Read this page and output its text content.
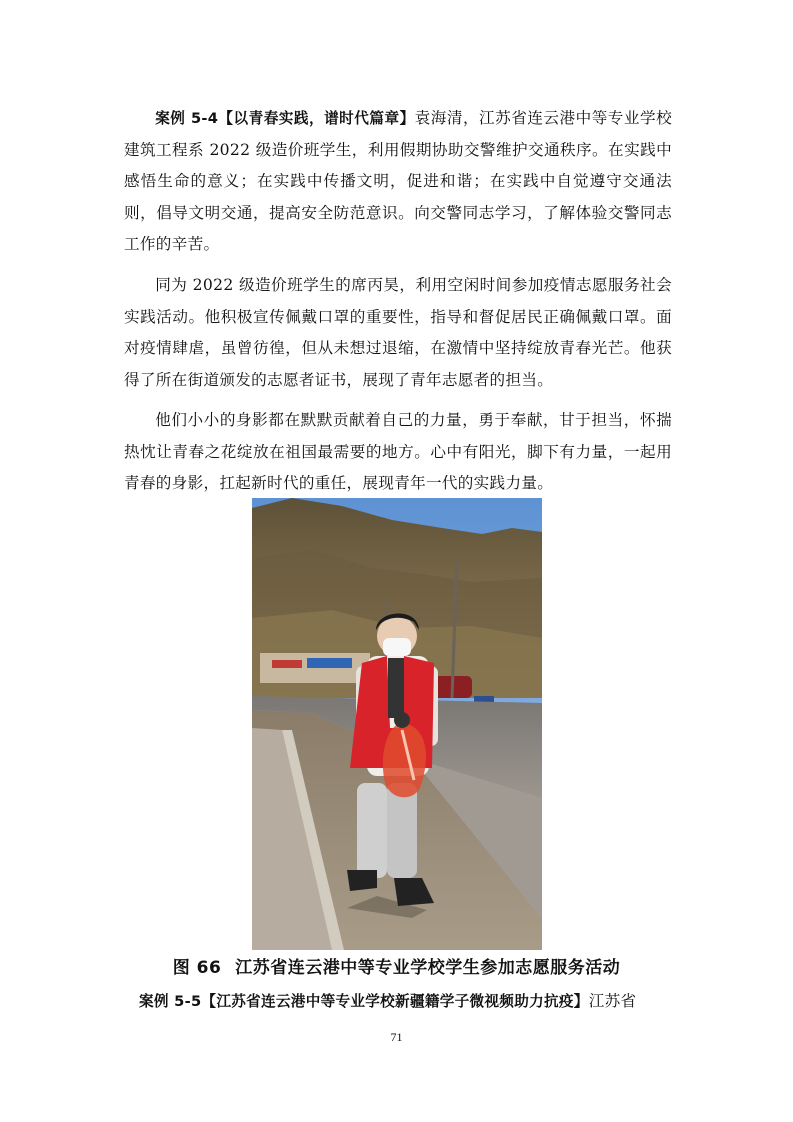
案例 5-4【以青春实践，谱时代篇章】袁海清，江苏省连云港中等专业学校建筑工程系 2022 级造价班学生，利用假期协助交警维护交通秩序。在实践中感悟生命的意义；在实践中传播文明，促进和谐；在实践中自觉遵守交通法则，倡导文明交通，提高安全防范意识。向交警同志学习，了解体验交警同志工作的辛苦。

同为 2022 级造价班学生的席丙昊，利用空闲时间参加疫情志愿服务社会实践活动。他积极宣传佩戴口罩的重要性，指导和督促居民正确佩戴口罩。面对疫情肆虐，虽曾彷徨，但从未想过退缩，在激情中坚持绽放青春光芒。他获得了所在街道颁发的志愿者证书，展现了青年志愿者的担当。

他们小小的身影都在默默贡献着自己的力量，勇于奉献，甘于担当，怀揣热忱让青春之花绽放在祖国最需要的地方。心中有阳光，脚下有力量，一起用青春的身影，扛起新时代的重任，展现青年一代的实践力量。

图 66 江苏省连云港中等专业学校学生参加志愿服务活动

案例 5-5【江苏省连云港中等专业学校新疆籍学子微视频助力抗疫】江苏省

71
